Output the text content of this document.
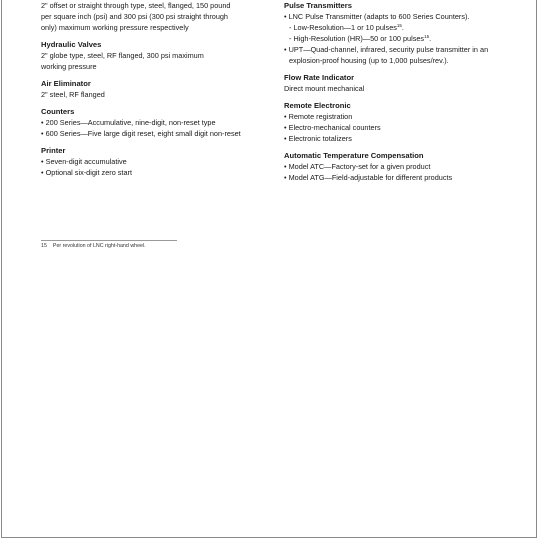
2" offset or straight through type, steel, flanged, 150 pound

per square inch (psi) and 300 psi (300 psi straight through

only) maximum working pressure respectively

Hydraulic Valves

2" globe type, steel, RF flanged, 300 psi maximum

working pressure

Air Eliminator

2" steel, RF flanged

Counters

• 200 Series—Accumulative, nine-digit, non-reset type

• 600 Series—Five large digit reset, eight small digit non-reset

Printer

• Seven-digit accumulative

• Optional six-digit zero start

Pulse Transmitters

• LNC Pulse Transmitter (adapts to 600 Series Counters).

- Low-Resolution—1 or 10 pulses$^{15}$.

- High-Resolution (HR)—50 or 100 pulses$^{15}$.

• UPT—Quad-channel, infrared, security pulse transmitter in an explosion-proof housing (up to 1,000 pulses/rev.).

Flow Rate Indicator

Direct mount mechanical

Remote Electronic

• Remote registration

• Electro-mechanical counters

• Electronic totalizers

Automatic Temperature Compensation

• Model ATC—Factory-set for a given product

• Model ATG—Field-adjustable for different products

15 Per revolution of LNC right-hand wheel.
